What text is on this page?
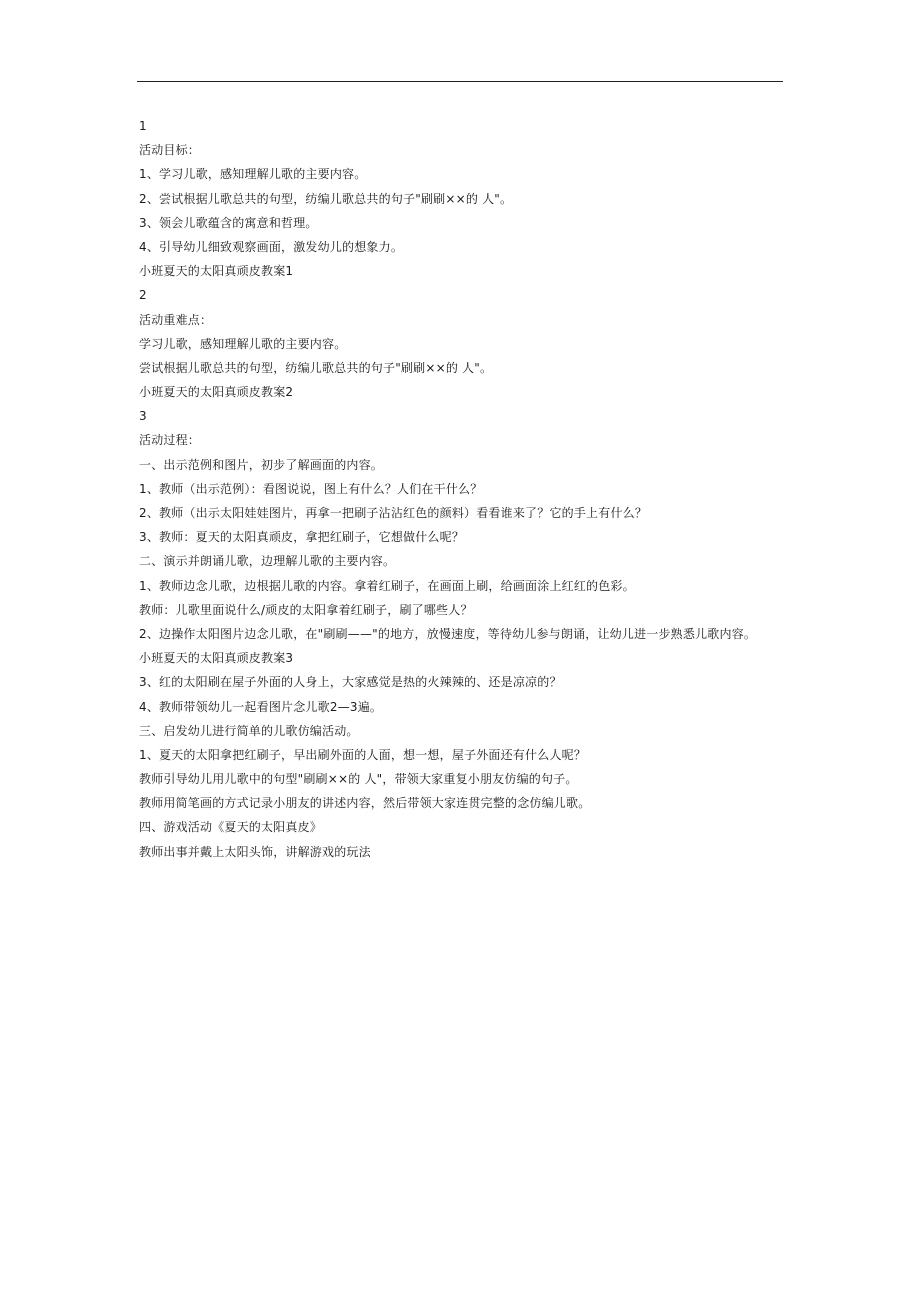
1
活动目标：
1、学习儿歌，感知理解儿歌的主要内容。
2、尝试根据儿歌总共的句型，纺编儿歌总共的句子"刷刷××的 人"。
3、领会儿歌蕴含的寓意和哲理。
4、引导幼儿细致观察画面，激发幼儿的想象力。
小班夏天的太阳真顽皮教案1
2
活动重难点：
学习儿歌，感知理解儿歌的主要内容。
尝试根据儿歌总共的句型，纺编儿歌总共的句子"刷刷××的 人"。
小班夏天的太阳真顽皮教案2
3
活动过程：
一、出示范例和图片，初步了解画面的内容。
1、教师（出示范例）：看图说说，图上有什么？人们在干什么？
2、教师（出示太阳娃娃图片，再拿一把刷子沾沾红色的颜料）看看谁来了？它的手上有什么？
3、教师：夏天的太阳真顽皮，拿把红刷子，它想做什么呢？
二、演示并朗诵儿歌，边理解儿歌的主要内容。
1、教师边念儿歌，边根据儿歌的内容。拿着红刷子，在画面上刷，给画面涂上红红的色彩。
教师：儿歌里面说什么/顽皮的太阳拿着红刷子，刷了哪些人？
2、边操作太阳图片边念儿歌，在"刷刷——"的地方，放慢速度，等待幼儿参与朗诵，让幼儿进一步熟悉儿歌内容。
小班夏天的太阳真顽皮教案3
3、红的太阳刷在屋子外面的人身上，大家感觉是热的火辣辣的、还是凉凉的？
4、教师带领幼儿一起看图片念儿歌2—3遍。
三、启发幼儿进行简单的儿歌仿编活动。
1、夏天的太阳拿把红刷子，早出刷外面的人面，想一想，屋子外面还有什么人呢？
教师引导幼儿用儿歌中的句型"刷刷××的 人"，带领大家重复小朋友仿编的句子。
教师用简笔画的方式记录小朋友的讲述内容，然后带领大家连贯完整的念仿编儿歌。
四、游戏活动《夏天的太阳真皮》
教师出事并戴上太阳头饰，讲解游戏的玩法
